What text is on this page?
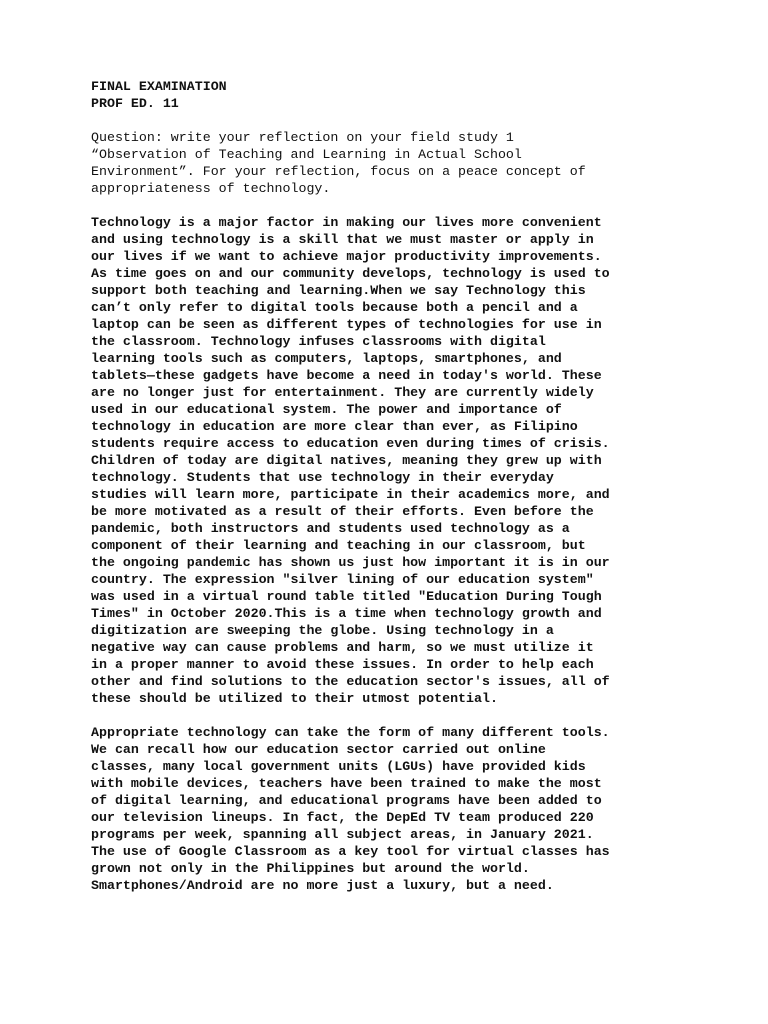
FINAL EXAMINATION
PROF ED. 11
Question: write your reflection on your field study 1
“Observation of Teaching and Learning in Actual School
Environment”. For your reflection, focus on a peace concept of
appropriateness of technology.
Technology is a major factor in making our lives more convenient
and using technology is a skill that we must master or apply in
our lives if we want to achieve major productivity improvements.
As time goes on and our community develops, technology is used to
support both teaching and learning.When we say Technology this
can’t only refer to digital tools because both a pencil and a
laptop can be seen as different types of technologies for use in
the classroom. Technology infuses classrooms with digital
learning tools such as computers, laptops, smartphones, and
tablets—these gadgets have become a need in today's world. These
are no longer just for entertainment. They are currently widely
used in our educational system. The power and importance of
technology in education are more clear than ever, as Filipino
students require access to education even during times of crisis.
Children of today are digital natives, meaning they grew up with
technology. Students that use technology in their everyday
studies will learn more, participate in their academics more, and
be more motivated as a result of their efforts. Even before the
pandemic, both instructors and students used technology as a
component of their learning and teaching in our classroom, but
the ongoing pandemic has shown us just how important it is in our
country. The expression "silver lining of our education system"
was used in a virtual round table titled "Education During Tough
Times" in October 2020.This is a time when technology growth and
digitization are sweeping the globe. Using technology in a
negative way can cause problems and harm, so we must utilize it
in a proper manner to avoid these issues. In order to help each
other and find solutions to the education sector's issues, all of
these should be utilized to their utmost potential.
Appropriate technology can take the form of many different tools.
We can recall how our education sector carried out online
classes, many local government units (LGUs) have provided kids
with mobile devices, teachers have been trained to make the most
of digital learning, and educational programs have been added to
our television lineups. In fact, the DepEd TV team produced 220
programs per week, spanning all subject areas, in January 2021.
The use of Google Classroom as a key tool for virtual classes has
grown not only in the Philippines but around the world.
Smartphones/Android are no more just a luxury, but a need.
